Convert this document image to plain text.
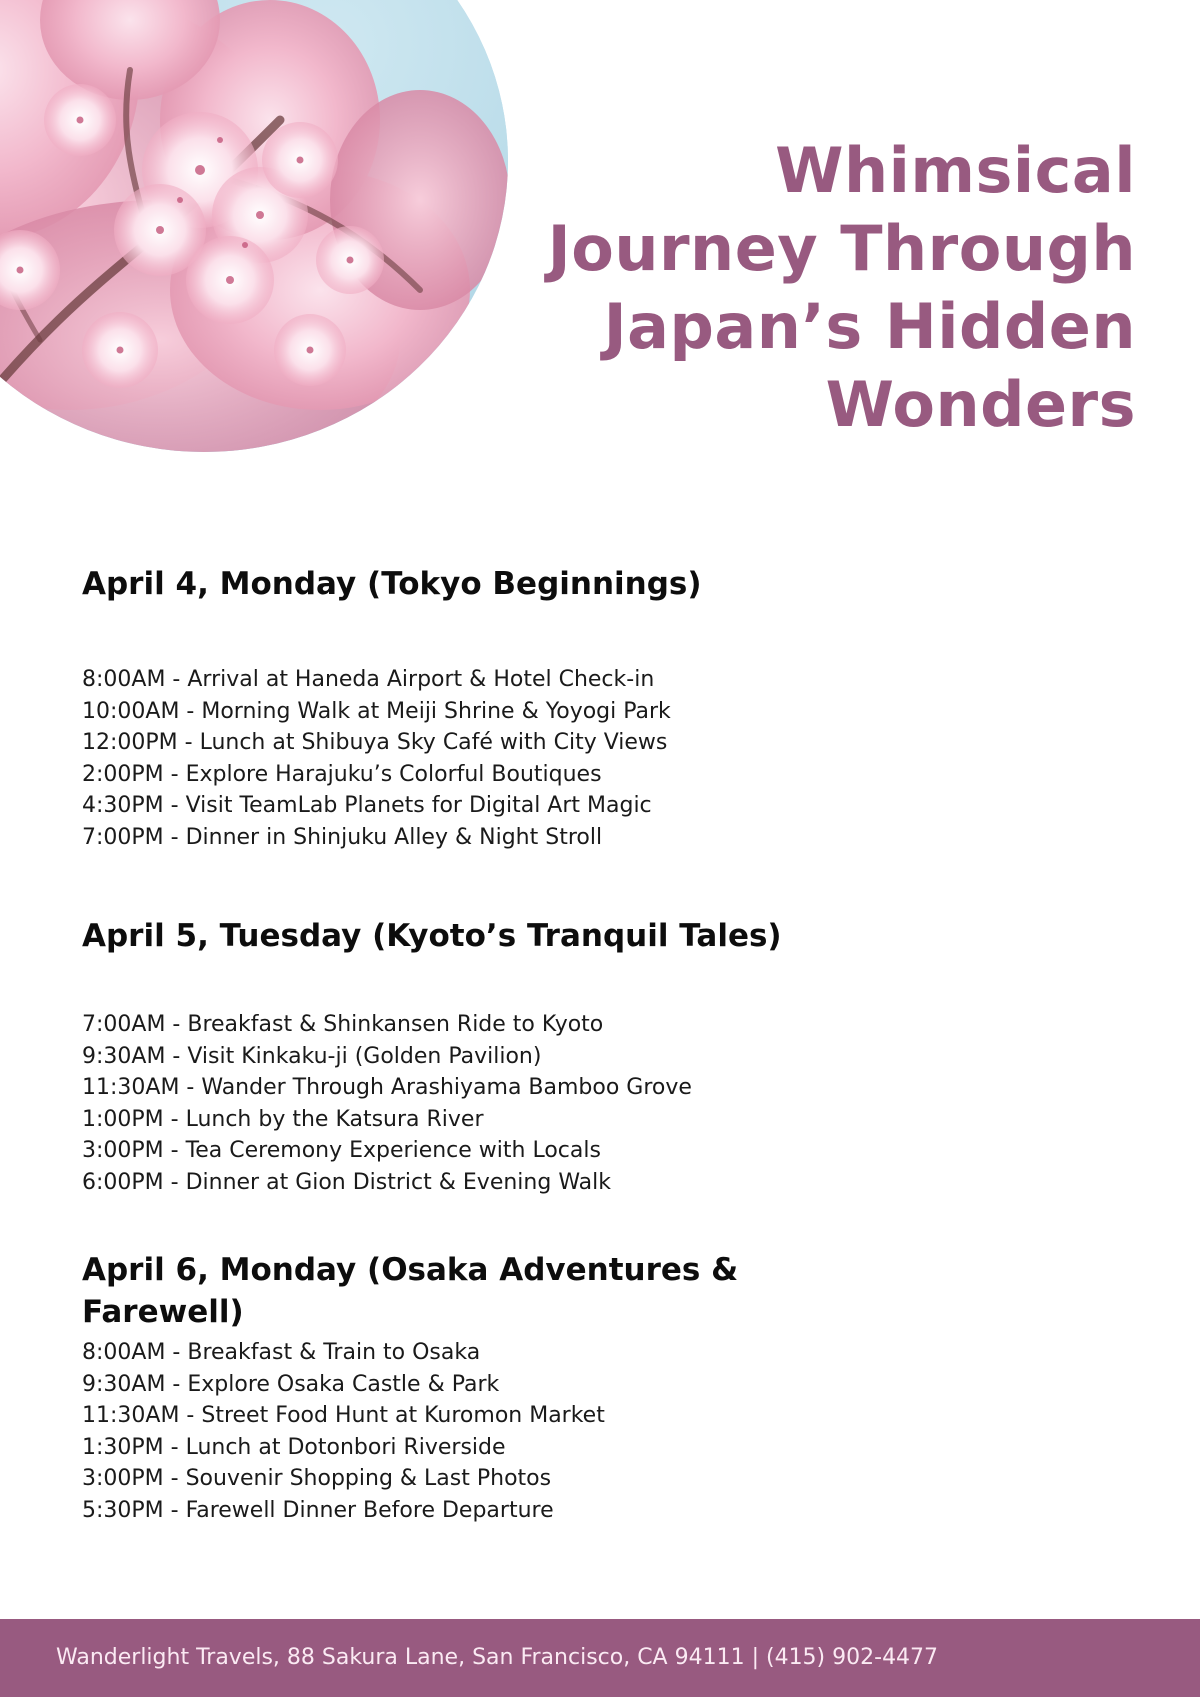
Whimsical Journey Through Japan’s Hidden Wonders
April 4, Monday (Tokyo Beginnings)
8:00AM - Arrival at Haneda Airport & Hotel Check-in
10:00AM - Morning Walk at Meiji Shrine & Yoyogi Park
12:00PM - Lunch at Shibuya Sky Café with City Views
2:00PM - Explore Harajuku’s Colorful Boutiques
4:30PM - Visit TeamLab Planets for Digital Art Magic
7:00PM - Dinner in Shinjuku Alley & Night Stroll
April 5, Tuesday (Kyoto’s Tranquil Tales)
7:00AM - Breakfast & Shinkansen Ride to Kyoto
9:30AM - Visit Kinkaku-ji (Golden Pavilion)
11:30AM - Wander Through Arashiyama Bamboo Grove
1:00PM - Lunch by the Katsura River
3:00PM - Tea Ceremony Experience with Locals
6:00PM - Dinner at Gion District & Evening Walk
April 6, Monday (Osaka Adventures & Farewell)
8:00AM - Breakfast & Train to Osaka
9:30AM - Explore Osaka Castle & Park
11:30AM - Street Food Hunt at Kuromon Market
1:30PM - Lunch at Dotonbori Riverside
3:00PM - Souvenir Shopping & Last Photos
5:30PM - Farewell Dinner Before Departure
Wanderlight Travels, 88 Sakura Lane, San Francisco, CA 94111 | (415) 902-4477
